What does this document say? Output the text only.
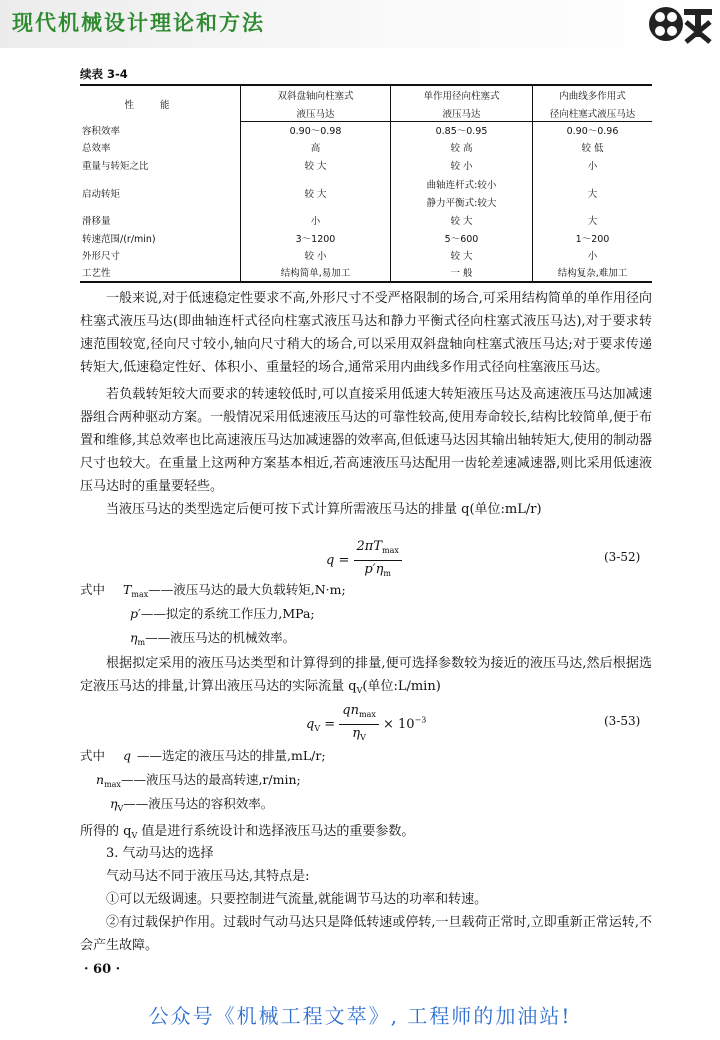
现代机械设计理论和方法
续表 3-4
性能	双斜盘轴向柱塞式	单作用径向柱塞式	内曲线多作用式
	液压马达	液压马达	径向柱塞式液压马达
容积效率	0.90～0.98	0.85～0.95	0.90～0.96
总效率	高	较 高	较 低
重量与转矩之比	较 大	较 小	小
启动转矩	较 大	曲轴连杆式:较小	大
		静力平衡式:较大	
滑移量	小	较 大	大
转速范围/(r/min)	3～1200	5～600	1～200
外形尺寸	较 小	较 大	小
工艺性	结构简单,易加工	一 般	结构复杂,难加工

一般来说,对于低速稳定性要求不高,外形尺寸不受严格限制的场合,可采用结构简单的单作用径向柱塞式液压马达(即曲轴连杆式径向柱塞式液压马达和静力平衡式径向柱塞式液压马达),对于要求转速范围较宽,径向尺寸较小,轴向尺寸稍大的场合,可以采用双斜盘轴向柱塞式液压马达;对于要求传递转矩大,低速稳定性好、体积小、重量轻的场合,通常采用内曲线多作用式径向柱塞液压马达。

若负载转矩较大而要求的转速较低时,可以直接采用低速大转矩液压马达及高速液压马达加减速器组合两种驱动方案。一般情况采用低速液压马达的可靠性较高,使用寿命较长,结构比较简单,便于布置和维修,其总效率也比高速液压马达加减速器的效率高,但低速马达因其输出轴转矩大,使用的制动器尺寸也较大。在重量上这两种方案基本相近,若高速液压马达配用一齿轮差速减速器,则比采用低速液压马达时的重量要轻些。

当液压马达的类型选定后便可按下式计算所需液压马达的排量 q(单位:mL/r)

$q = \frac{2\pi T_{max}}{p'\eta_m}$	(3-52)
式中 $T_{max}——$液压马达的最大负载转矩,N·m;
p′——拟定的系统工作压力,MPa;
$\eta_m——$液压马达的机械效率。

根据拟定采用的液压马达类型和计算得到的排量,便可选择参数较为接近的液压马达,然后根据选定液压马达的排量,计算出液压马达的实际流量 $q_V$(单位:L/min)

$q_V = \frac{qn_{max}}{\eta_V} \times 10^{-3}$	(3-53)
式中 q ——选定的液压马达的排量,mL/r;
$n_{max}——$液压马达的最高转速,r/min;
$\eta_V——$液压马达的容积效率。
所得的 $q_V$ 值是进行系统设计和选择液压马达的重要参数。

3. 气动马达的选择

气动马达不同于液压马达,其特点是:

①可以无级调速。只要控制进气流量,就能调节马达的功率和转速。

②有过载保护作用。过载时气动马达只是降低转速或停转,一旦载荷正常时,立即重新正常运转,不会产生故障。

· 60 ·
公众号《机械工程文萃》, 工程师的加油站!
